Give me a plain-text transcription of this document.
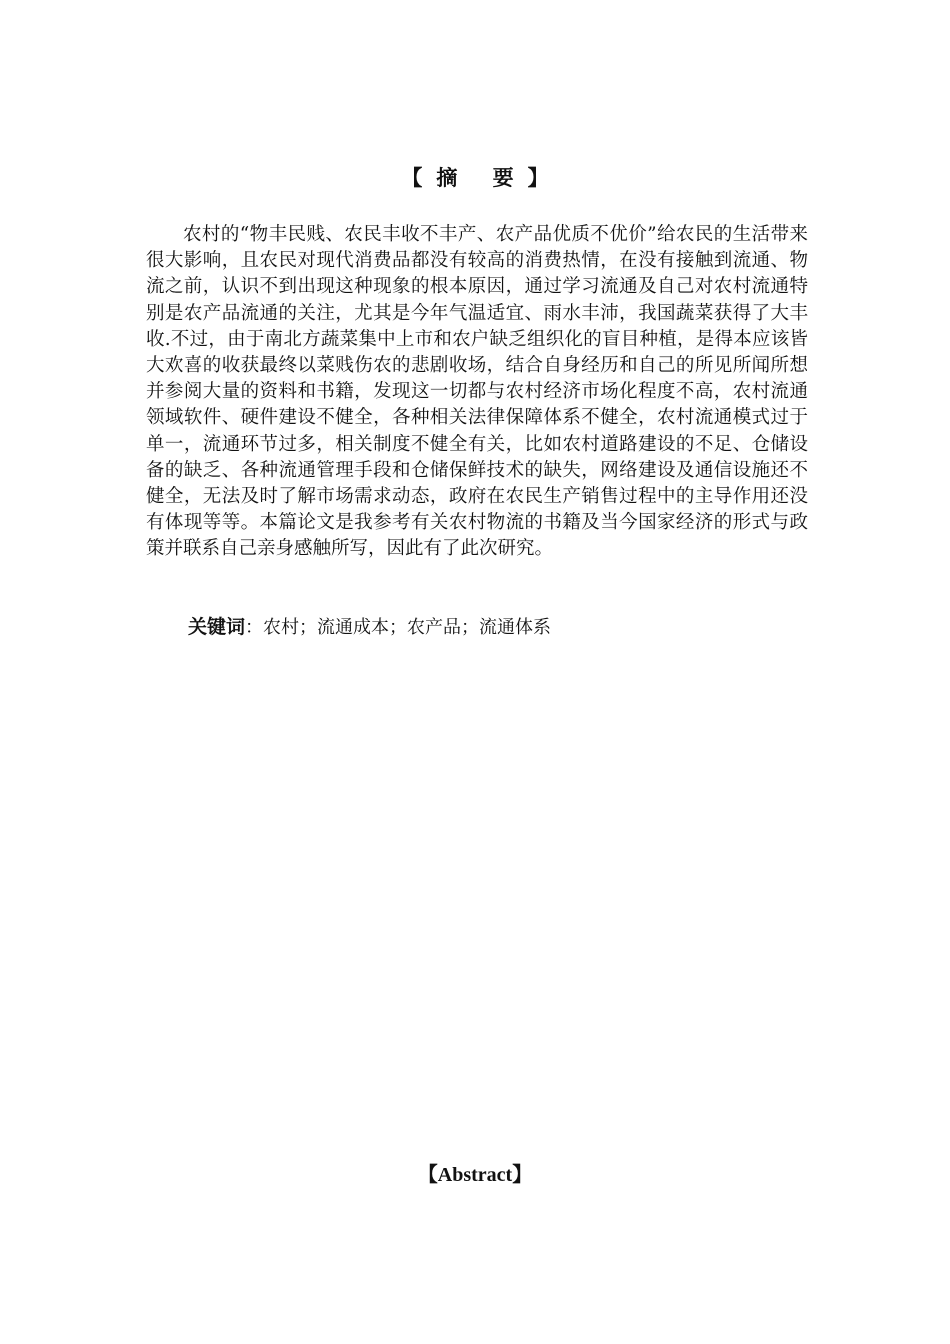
【摘 要】
农村的“物丰民贱、农民丰收不丰产、农产品优质不优价”给农民的生活带来很大影响，且农民对现代消费品都没有较高的消费热情，在没有接触到流通、物流之前，认识不到出现这种现象的根本原因，通过学习流通及自己对农村流通特别是农产品流通的关注，尤其是今年气温适宜、雨水丰沛，我国蔬菜获得了大丰收.不过，由于南北方蔬菜集中上市和农户缺乏组织化的盲目种植，是得本应该皆大欢喜的收获最终以菜贱伤农的悲剧收场，结合自身经历和自己的所见所闻所想并参阅大量的资料和书籍，发现这一切都与农村经济市场化程度不高，农村流通领域软件、硬件建设不健全，各种相关法律保障体系不健全，农村流通模式过于单一，流通环节过多，相关制度不健全有关，比如农村道路建设的不足、仓储设备的缺乏、各种流通管理手段和仓储保鲜技术的缺失，网络建设及通信设施还不健全，无法及时了解市场需求动态，政府在农民生产销售过程中的主导作用还没有体现等等。本篇论文是我参考有关农村物流的书籍及当今国家经济的形式与政策并联系自己亲身感触所写，因此有了此次研究。
关键词：农村；流通成本；农产品；流通体系
【Abstract】
